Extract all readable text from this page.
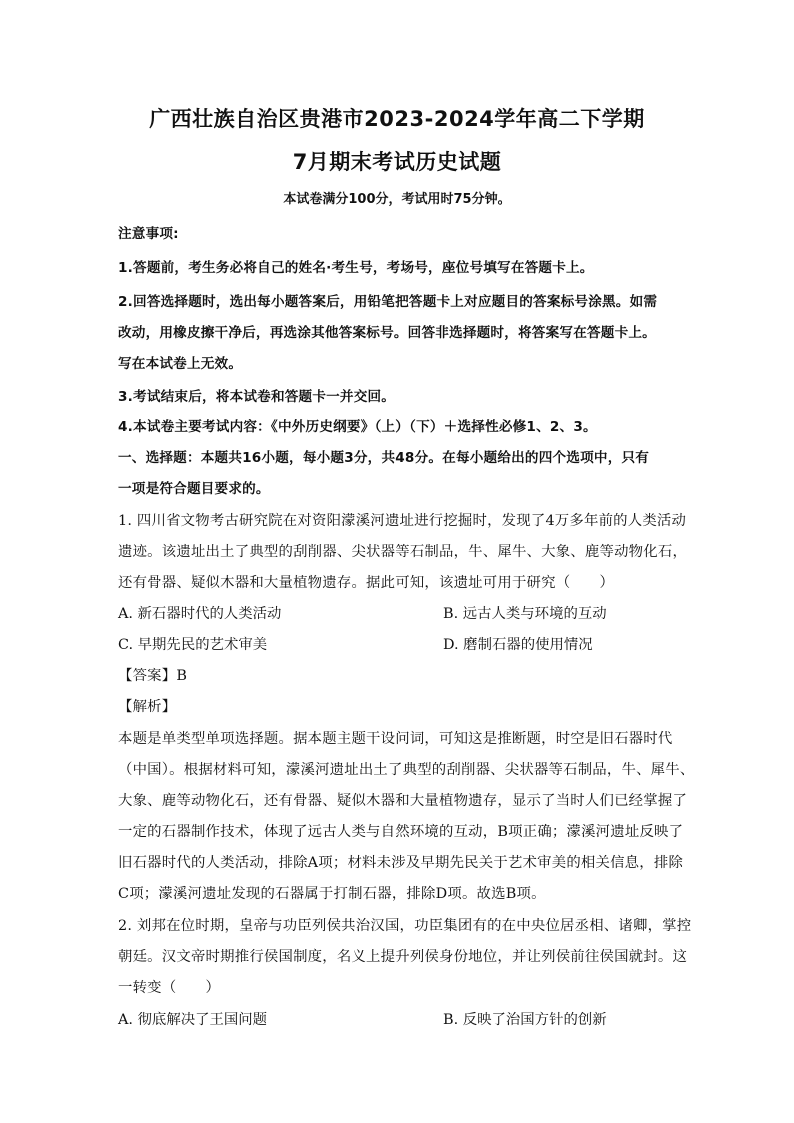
广西壮族自治区贵港市2023-2024学年高二下学期
7月期末考试历史试题
本试卷满分100分，考试用时75分钟。
注意事项:
1.答题前，考生务必将自己的姓名·考生号，考场号，座位号填写在答题卡上。
2.回答选择题时，选出每小题答案后，用铅笔把答题卡上对应题目的答案标号涂黑。如需
改动，用橡皮擦干净后，再选涂其他答案标号。回答非选择题时，将答案写在答题卡上。
写在本试卷上无效。
3.考试结束后，将本试卷和答题卡一并交回。
4.本试卷主要考试内容：《中外历史纲要》（上）（下）＋选择性必修1、2、3。
一、选择题：本题共16小题，每小题3分，共48分。在每小题给出的四个选项中，只有
一项是符合题目要求的。
1. 四川省文物考古研究院在对资阳濛溪河遗址进行挖掘时，发现了4万多年前的人类活动
遗迹。该遗址出土了典型的刮削器、尖状器等石制品，牛、犀牛、大象、鹿等动物化石，
还有骨器、疑似木器和大量植物遗存。据此可知，该遗址可用于研究（　　）
A. 新石器时代的人类活动	B. 远古人类与环境的互动
C. 早期先民的艺术审美	D. 磨制石器的使用情况
【答案】B
【解析】
本题是单类型单项选择题。据本题主题干设问词，可知这是推断题，时空是旧石器时代
（中国）。根据材料可知，濛溪河遗址出土了典型的刮削器、尖状器等石制品，牛、犀牛、
大象、鹿等动物化石，还有骨器、疑似木器和大量植物遗存，显示了当时人们已经掌握了
一定的石器制作技术，体现了远古人类与自然环境的互动，B项正确；濛溪河遗址反映了
旧石器时代的人类活动，排除A项；材料未涉及早期先民关于艺术审美的相关信息，排除
C项；濛溪河遗址发现的石器属于打制石器，排除D项。故选B项。
2. 刘邦在位时期，皇帝与功臣列侯共治汉国，功臣集团有的在中央位居丞相、诸卿，掌控
朝廷。汉文帝时期推行侯国制度，名义上提升列侯身份地位，并让列侯前往侯国就封。这
一转变（　　）
A. 彻底解决了王国问题	B. 反映了治国方针的创新
